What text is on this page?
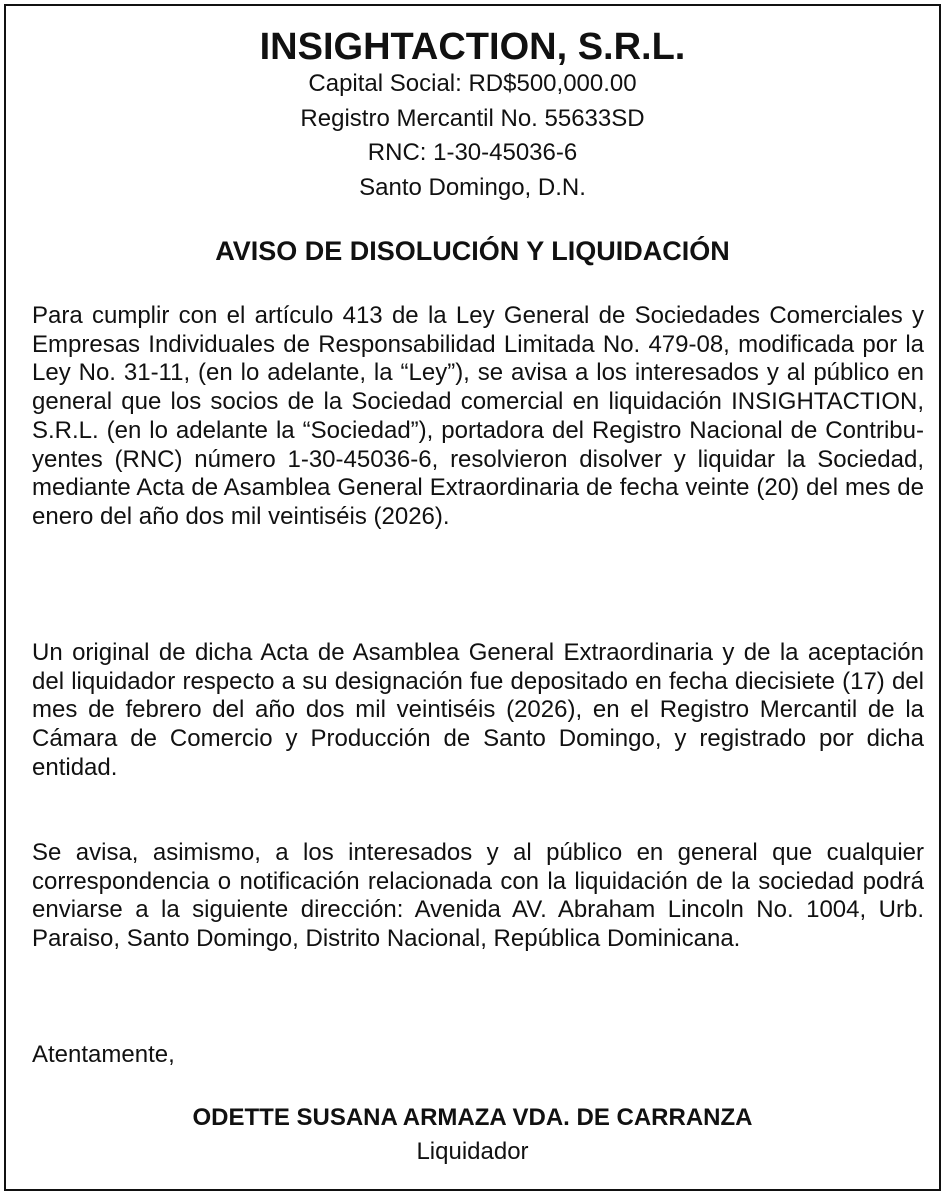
INSIGHTACTION, S.R.L.
Capital Social: RD$500,000.00
Registro Mercantil No. 55633SD
RNC: 1-30-45036-6
Santo Domingo, D.N.
AVISO DE DISOLUCIÓN Y LIQUIDACIÓN

Para cumplir con el artículo 413 de la Ley General de Sociedades Comerciales y Empresas Individuales de Responsabilidad Limitada No. 479-08, modificada por la Ley No. 31-11, (en lo adelante, la “Ley”), se avisa a los interesados y al público en general que los socios de la Sociedad comercial en liquidación INSIGHTACTION, S.R.L. (en lo adelante la “Sociedad”), portadora del Registro Nacional de Contribuyentes (RNC) número 1-30-45036-6, resolvieron disolver y liquidar la Sociedad, mediante Acta de Asamblea General Extraordinaria de fecha veinte (20) del mes de enero del año dos mil veintiséis (2026).

Un original de dicha Acta de Asamblea General Extraordinaria y de la aceptación del liquidador respecto a su designación fue depositado en fecha diecisiete (17) del mes de febrero del año dos mil veintiséis (2026), en el Registro Mercantil de la Cámara de Comercio y Producción de Santo Domingo, y registrado por dicha entidad.

Se avisa, asimismo, a los interesados y al público en general que cualquier correspondencia o notificación relacionada con la liquidación de la sociedad podrá enviarse a la siguiente dirección: Avenida AV. Abraham Lincoln No. 1004, Urb. Paraiso, Santo Domingo, Distrito Nacional, República Dominicana.

Atentamente,
ODETTE SUSANA ARMAZA VDA. DE CARRANZA
Liquidador
